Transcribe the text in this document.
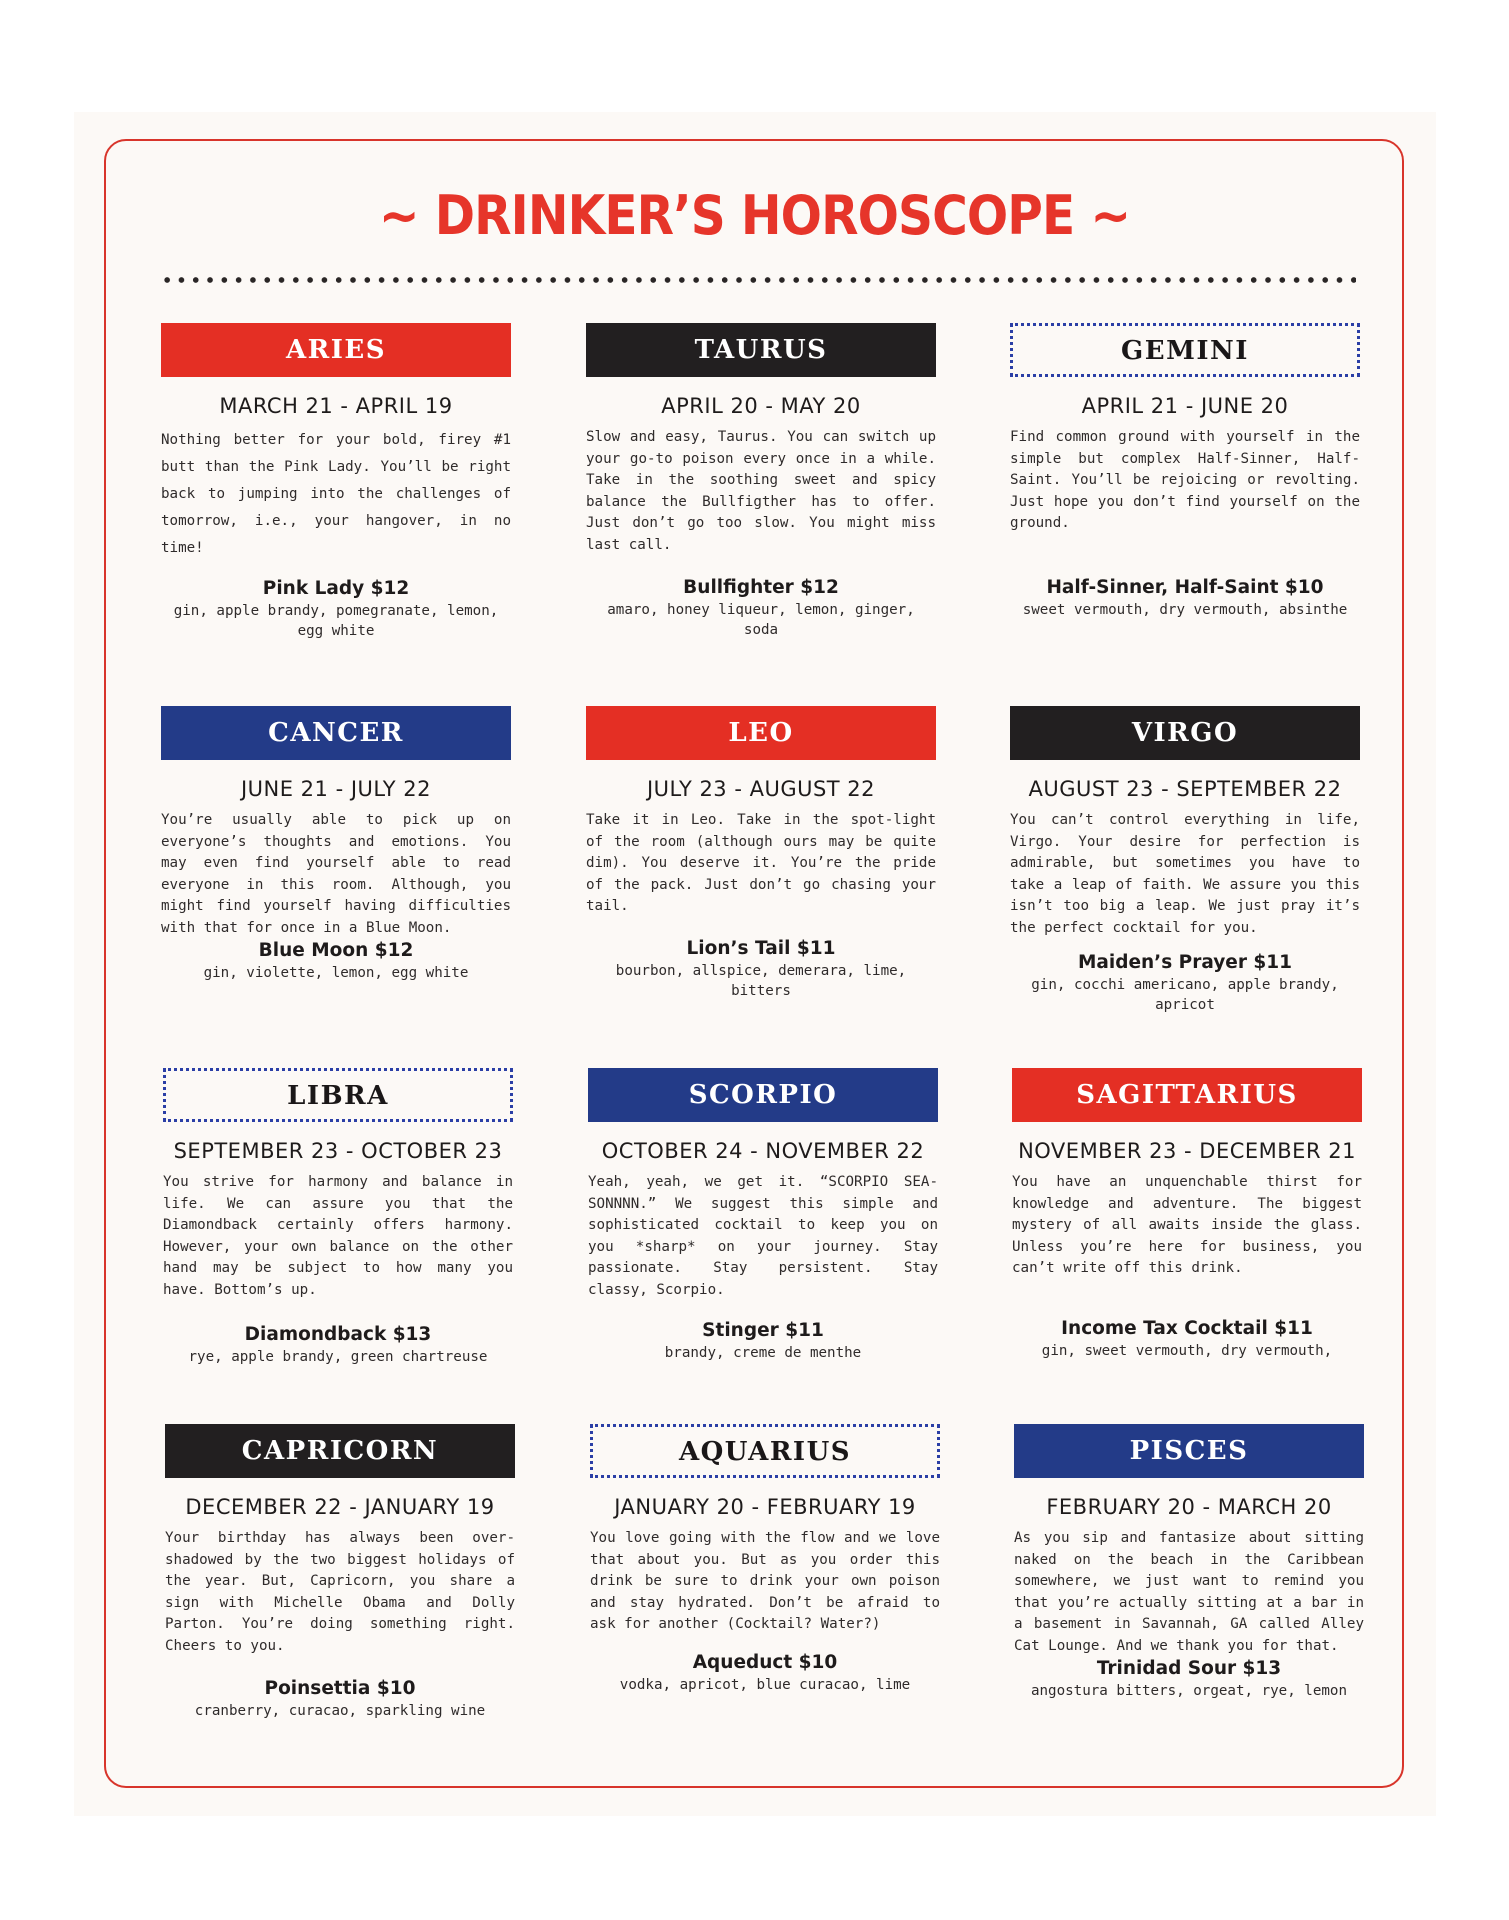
~ DRINKER’S HOROSCOPE ~
ARIES
MARCH 21 - APRIL 19
Nothing better for your bold, firey #1 butt than the Pink Lady. You’ll be right back to jumping into the challenges of tomorrow, i.e., your hangover, in no time!
Pink Lady $12
gin, apple brandy, pomegranate, lemon, egg white
TAURUS
APRIL 20 - MAY 20
Slow and easy, Taurus. You can switch up your go-to poison every once in a while. Take in the soothing sweet and spicy balance the Bullfigther has to offer. Just don’t go too slow. You might miss last call.
Bullfighter $12
amaro, honey liqueur, lemon, ginger, soda
GEMINI
APRIL 21 - JUNE 20
Find common ground with yourself in the simple but complex Half-Sinner, Half-Saint. You’ll be rejoicing or revolting. Just hope you don’t find yourself on the ground.
Half-Sinner, Half-Saint $10
sweet vermouth, dry vermouth, absinthe
CANCER
JUNE 21 - JULY 22
You’re usually able to pick up on everyone’s thoughts and emotions. You may even find yourself able to read everyone in this room. Although, you might find yourself having difficulties with that for once in a Blue Moon.
Blue Moon $12
gin, violette, lemon, egg white
LEO
JULY 23 - AUGUST 22
Take it in Leo. Take in the spot-light of the room (although ours may be quite dim). You deserve it. You’re the pride of the pack. Just don’t go chasing your tail.
Lion’s Tail $11
bourbon, allspice, demerara, lime, bitters
VIRGO
AUGUST 23 - SEPTEMBER 22
You can’t control everything in life, Virgo. Your desire for perfection is admirable, but sometimes you have to take a leap of faith. We assure you this isn’t too big a leap. We just pray it’s the perfect cocktail for you.
Maiden’s Prayer $11
gin, cocchi americano, apple brandy, apricot
LIBRA
SEPTEMBER 23 - OCTOBER 23
You strive for harmony and balance in life. We can assure you that the Diamondback certainly offers harmony. However, your own balance on the other hand may be subject to how many you have. Bottom’s up.
Diamondback $13
rye, apple brandy, green chartreuse
SCORPIO
OCTOBER 24 - NOVEMBER 22
Yeah, yeah, we get it. “SCORPIO SEA-SONNNN.” We suggest this simple and sophisticated cocktail to keep you on you *sharp* on your journey. Stay passionate. Stay persistent. Stay classy, Scorpio.
Stinger $11
brandy, creme de menthe
SAGITTARIUS
NOVEMBER 23 - DECEMBER 21
You have an unquenchable thirst for knowledge and adventure. The biggest mystery of all awaits inside the glass. Unless you’re here for business, you can’t write off this drink.
Income Tax Cocktail $11
gin, sweet vermouth, dry vermouth,
CAPRICORN
DECEMBER 22 - JANUARY 19
Your birthday has always been over-shadowed by the two biggest holidays of the year. But, Capricorn, you share a sign with Michelle Obama and Dolly Parton. You’re doing something right. Cheers to you.
Poinsettia $10
cranberry, curacao, sparkling wine
AQUARIUS
JANUARY 20 - FEBRUARY 19
You love going with the flow and we love that about you. But as you order this drink be sure to drink your own poison and stay hydrated. Don’t be afraid to ask for another (Cocktail? Water?)
Aqueduct $10
vodka, apricot, blue curacao, lime
PISCES
FEBRUARY 20 - MARCH 20
As you sip and fantasize about sitting naked on the beach in the Caribbean somewhere, we just want to remind you that you’re actually sitting at a bar in a basement in Savannah, GA called Alley Cat Lounge. And we thank you for that.
Trinidad Sour $13
angostura bitters, orgeat, rye, lemon
